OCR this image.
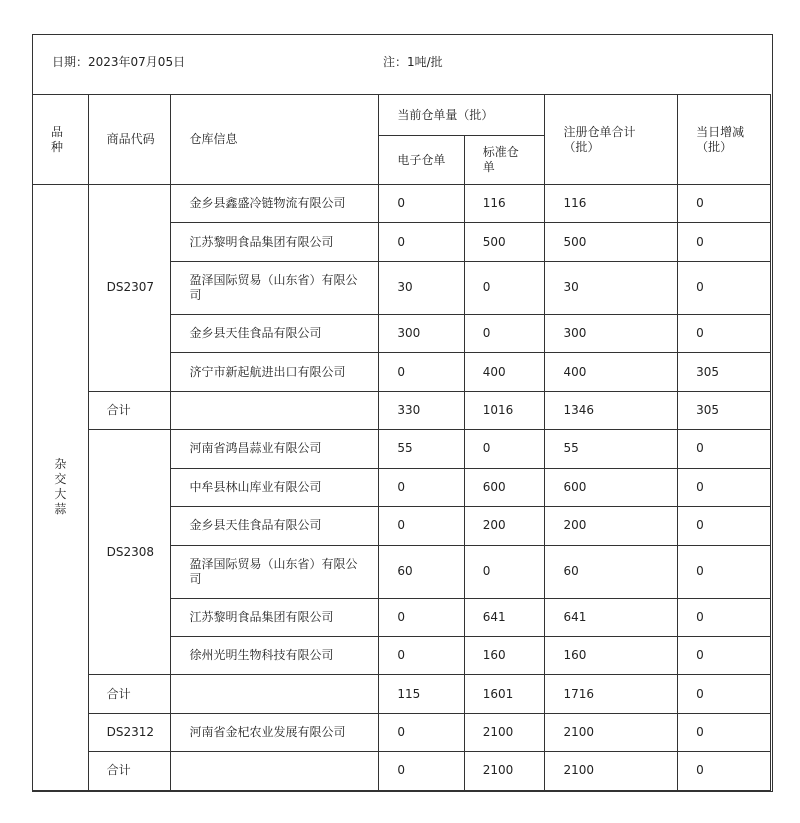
日期：2023年07月05日	注：1吨/批
品种	商品代码	仓库信息	当前仓单量（批）		注册仓单合计（批）	当日增减（批）
			电子仓单	标准仓单		
杂交大蒜	DS2307	金乡县鑫盛冷链物流有限公司	0	116	116	0
		江苏黎明食品集团有限公司	0	500	500	0
		盈泽国际贸易（山东省）有限公司	30	0	30	0
		金乡县天佳食品有限公司	300	0	300	0
		济宁市新起航进出口有限公司	0	400	400	305
	合计		330	1016	1346	305
	DS2308	河南省鸿昌蒜业有限公司	55	0	55	0
		中牟县林山库业有限公司	0	600	600	0
		金乡县天佳食品有限公司	0	200	200	0
		盈泽国际贸易（山东省）有限公司	60	0	60	0
		江苏黎明食品集团有限公司	0	641	641	0
		徐州光明生物科技有限公司	0	160	160	0
	合计		115	1601	1716	0
	DS2312	河南省金杞农业发展有限公司	0	2100	2100	0
	合计		0	2100	2100	0
